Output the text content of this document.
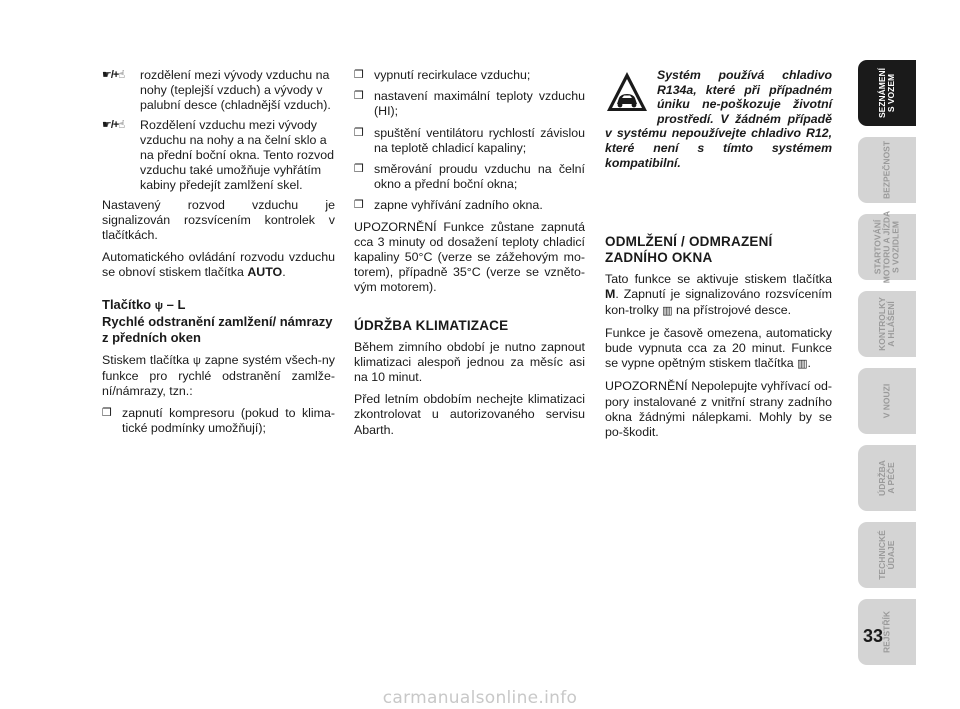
☛/+☝	rozdělení mezi vývody vzduchu na nohy (teplejší vzduch) a vývody v palubní desce (chladnější vzduch).
☛/+☝	Rozdělení vzduchu mezi vývody vzduchu na nohy a na čelní sklo a na přední boční okna. Tento rozvod vzduchu také umožňuje vyhřátím kabiny předejít zamlžení skel.

Nastavený rozvod vzduchu je signalizován rozsvícením kontrolek v tlačítkách.

Automatického ovládání rozvodu vzduchu se obnoví stiskem tlačítka AUTO.

Tlačítko ψ – L
Rychlé odstranění zamlžení/ námrazy z předních oken

Stiskem tlačítka ψ zapne systém všech-ny funkce pro rychlé odstranění zamlže-ní/námrazy, tzn.:

❒ zapnutí kompresoru (pokud to klima-tické podmínky umožňují);
❒ vypnutí recirkulace vzduchu;
❒ nastavení maximální teploty vzduchu (HI);
❒ spuštění ventilátoru rychlostí závislou na teplotě chladicí kapaliny;
❒ směrování proudu vzduchu na čelní okno a přední boční okna;
❒ zapne vyhřívání zadního okna.

UPOZORNĚNÍ Funkce zůstane zapnutá cca 3 minuty od dosažení teploty chladicí kapaliny 50°C (verze se zážehovým mo-torem), případně 35°C (verze se vzněto-vým motorem).

ÚDRŽBA KLIMATIZACE

Během zimního období je nutno zapnout klimatizaci alespoň jednou za měsíc asi na 10 minut.

Před letním obdobím nechejte klimatizaci zkontrolovat u autorizovaného servisu Abarth.

Systém používá chladivo R134a, které při případném úniku ne-poškozuje životní prostředí. V žádném případě v systému nepoužívejte chladivo R12, které není s tímto systémem kompatibilní.
ODMLŽENÍ / ODMRAZENÍ ZADNÍHO OKNA

Tato funkce se aktivuje stiskem tlačítka M. Zapnutí je signalizováno rozsvícením kon-trolky ▥ na přístrojové desce.

Funkce je časově omezena, automaticky bude vypnuta cca za 20 minut. Funkce se vypne opětným stiskem tlačítka ▥.

UPOZORNĚNÍ Nepolepujte vyhřívací od-pory instalované z vnitřní strany zadního okna žádnými nálepkami. Mohly by se po-škodit.

SEZNÁMENÍ
S VOZEM
BEZPEČNOST
STARTOVÁNÍ
MOTORU A JÍZDA
S VOZIDLEM
KONTROLKY
A HLÁŠENÍ
V NOUZI
ÚDRŽBA
A PÉČE
TECHNICKÉ
ÚDAJE
REJSTŘÍK
33
carmanualsonline.info
